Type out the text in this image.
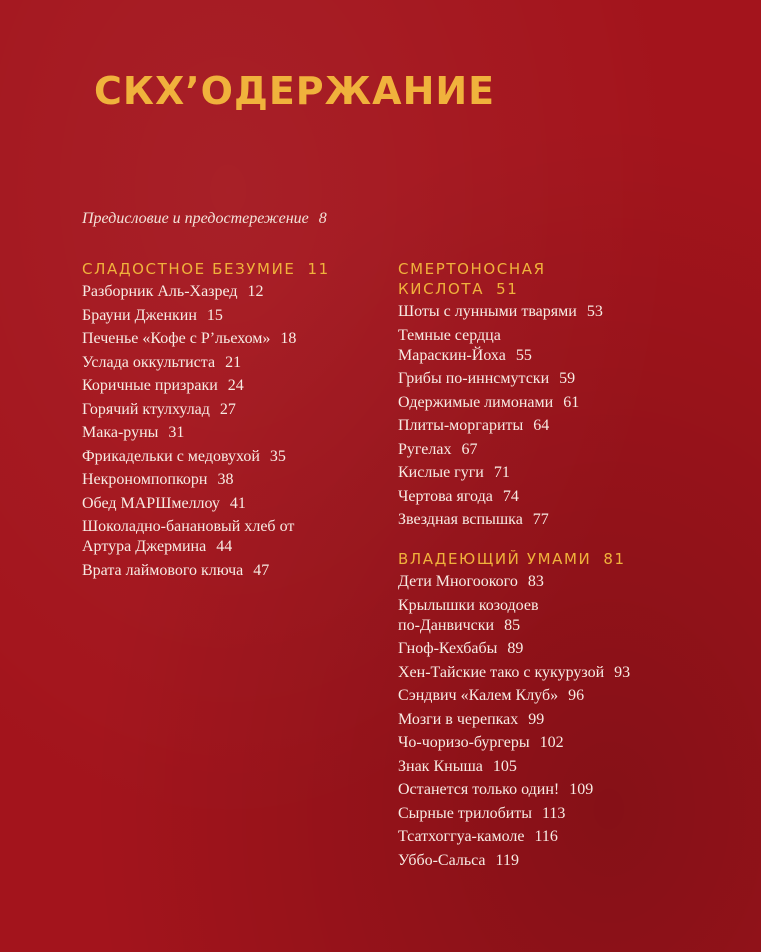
СКХ’ОДЕРЖАНИЕ
Предисловие и предостережение 8
СЛАДОСТНОЕ БЕЗУМИЕ 11
Разборник Аль-Хазред 12
Брауни Дженкин 15
Печенье «Кофе с Р’льехом» 18
Услада оккультиста 21
Коричные призраки 24
Горячий ктулхулад 27
Мака-руны 31
Фрикадельки с медовухой 35
Некрономпопкорн 38
Обед МАРШмеллоу 41
Шоколадно-банановый хлеб от
Артура Джермина 44
Врата лаймового ключа 47
СМЕРТОНОСНАЯ
КИСЛОТА 51
Шоты с лунными тварями 53
Темные сердца
Мараскин-Йоха 55
Грибы по-иннсмутски 59
Одержимые лимонами 61
Плиты-моргариты 64
Ругелах 67
Кислые гуги 71
Чертова ягода 74
Звездная вспышка 77
ВЛАДЕЮЩИЙ УМАМИ 81
Дети Многоокого 83
Крылышки козодоев
по-Данвичски 85
Гноф-Кехбабы 89
Хен-Тайские тако с кукурузой 93
Сэндвич «Калем Клуб» 96
Мозги в черепках 99
Чо-чоризо-бургеры 102
Знак Кныша 105
Останется только один! 109
Сырные трилобиты 113
Тсатхоггуа-камоле 116
Уббо-Сальса 119
